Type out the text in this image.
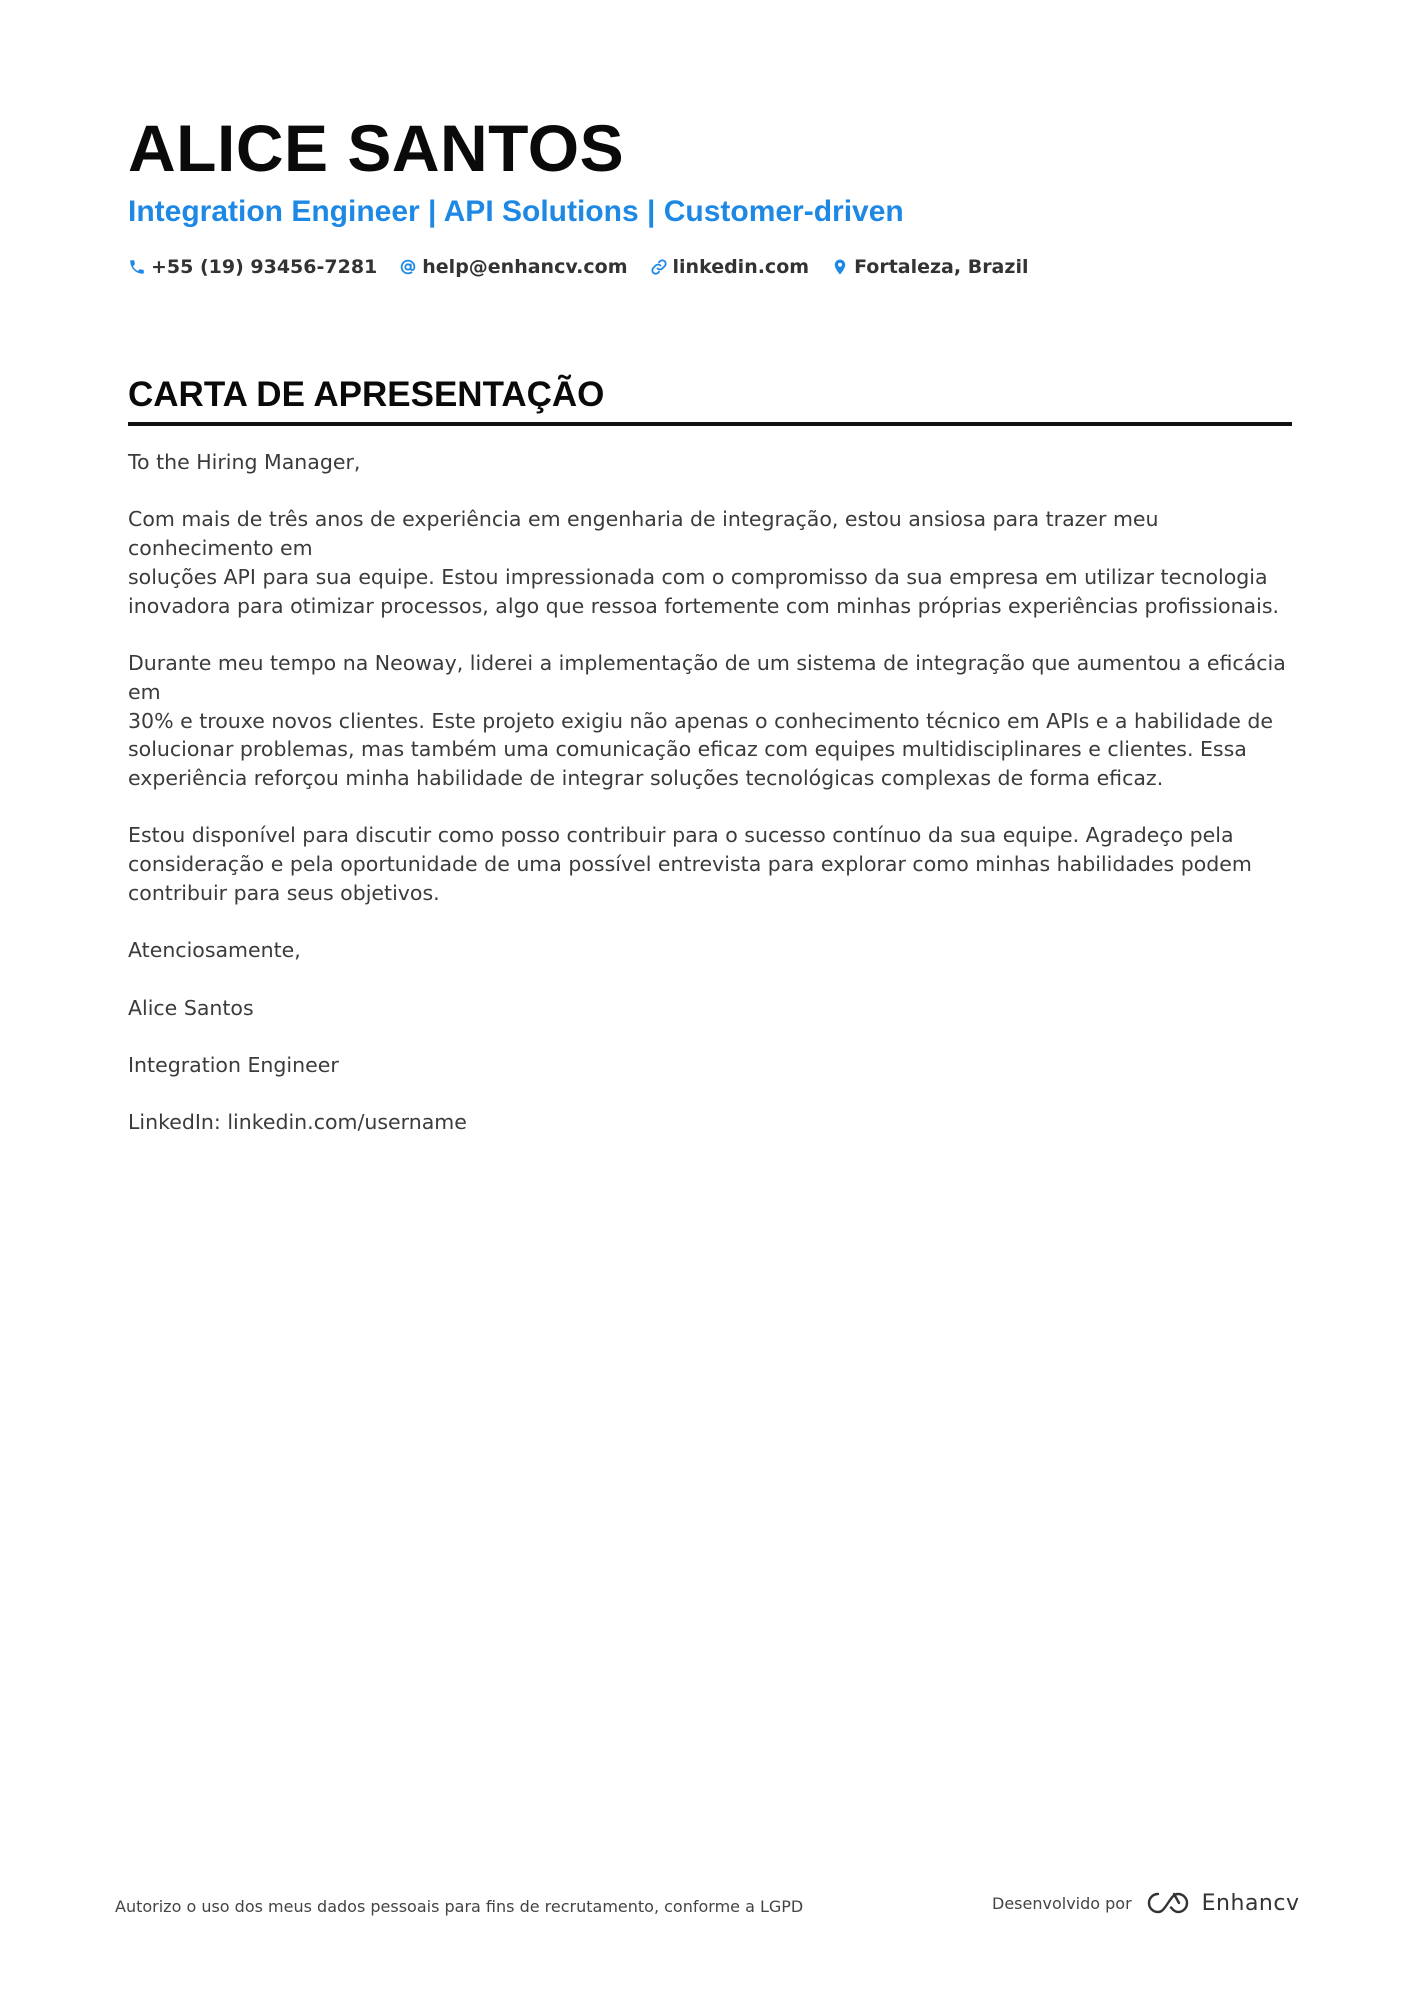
ALICE SANTOS
Integration Engineer | API Solutions | Customer-driven
+55 (19) 93456-7281 help@enhancv.com linkedin.com Fortaleza, Brazil
CARTA DE APRESENTAÇÃO

To the Hiring Manager,

Com mais de três anos de experiência em engenharia de integração, estou ansiosa para trazer meu conhecimento em
soluções API para sua equipe. Estou impressionada com o compromisso da sua empresa em utilizar tecnologia
inovadora para otimizar processos, algo que ressoa fortemente com minhas próprias experiências profissionais.

Durante meu tempo na Neoway, liderei a implementação de um sistema de integração que aumentou a eficácia em
30% e trouxe novos clientes. Este projeto exigiu não apenas o conhecimento técnico em APIs e a habilidade de
solucionar problemas, mas também uma comunicação eficaz com equipes multidisciplinares e clientes. Essa
experiência reforçou minha habilidade de integrar soluções tecnológicas complexas de forma eficaz.

Estou disponível para discutir como posso contribuir para o sucesso contínuo da sua equipe. Agradeço pela
consideração e pela oportunidade de uma possível entrevista para explorar como minhas habilidades podem
contribuir para seus objetivos.

Atenciosamente,

Alice Santos

Integration Engineer

LinkedIn: linkedin.com/username

Autorizo o uso dos meus dados pessoais para fins de recrutamento, conforme a LGPD	Desenvolvido por	Enhancv
